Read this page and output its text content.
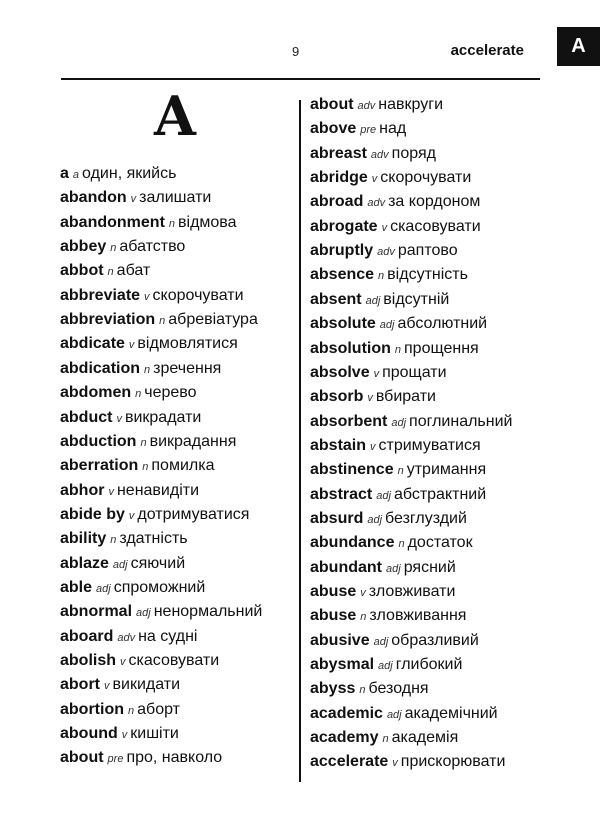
9	accelerate	A
A
a a один, якийсь
abandon v залишати
abandonment n відмова
abbey n абатство
abbot n абат
abbreviate v скорочувати
abbreviation n абревіатура
abdicate v відмовлятися
abdication n зречення
abdomen n черево
abduct v викрадати
abduction n викрадання
aberration n помилка
abhor v ненавидіти
abide by v дотримуватися
ability n здатність
ablaze adj сяючий
able adj спроможний
abnormal adj ненормальний
aboard adv на судні
abolish v скасовувати
abort v викидати
abortion n аборт
abound v кишіти
about pre про, навколо
about adv навкруги
above pre над
abreast adv поряд
abridge v скорочувати
abroad adv за кордоном
abrogate v скасовувати
abruptly adv раптово
absence n відсутність
absent adj відсутній
absolute adj абсолютний
absolution n прощення
absolve v прощати
absorb v вбирати
absorbent adj поглинальний
abstain v стримуватися
abstinence n утримання
abstract adj абстрактний
absurd adj безглуздий
abundance n достаток
abundant adj рясний
abuse v зловживати
abuse n зловживання
abusive adj образливий
abysmal adj глибокий
abyss n безодня
academic adj академічний
academy n академія
accelerate v прискорювати
